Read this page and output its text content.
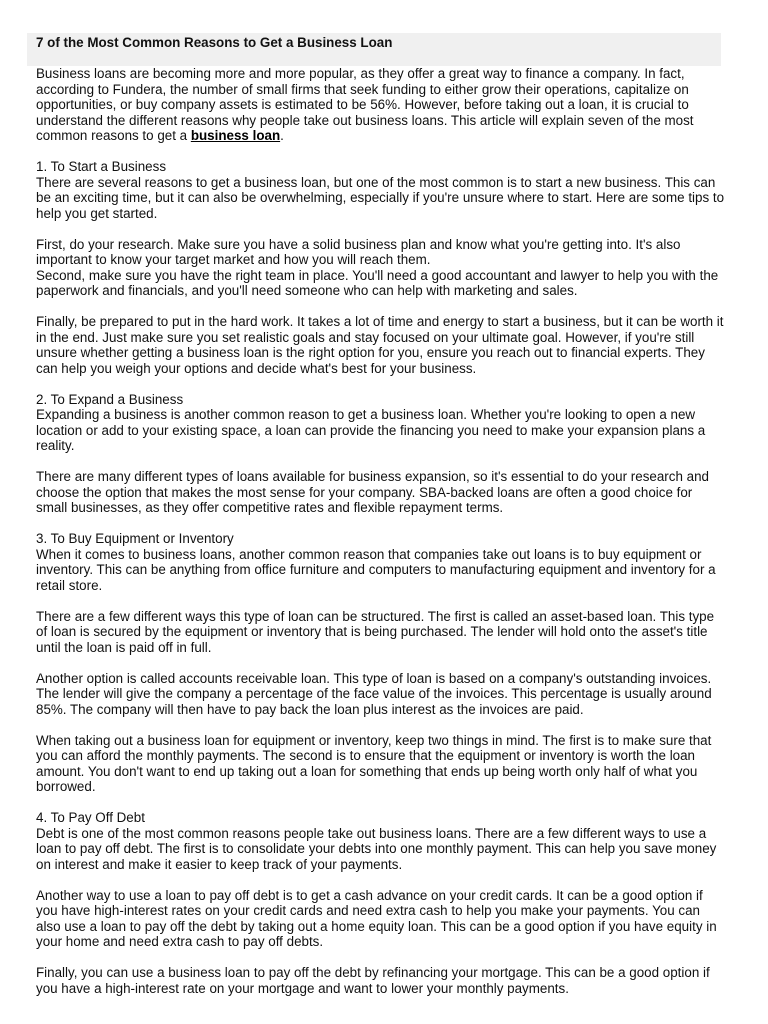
7 of the Most Common Reasons to Get a Business Loan

Business loans are becoming more and more popular, as they offer a great way to finance a company. In fact, according to Fundera, the number of small firms that seek funding to either grow their operations, capitalize on opportunities, or buy company assets is estimated to be 56%. However, before taking out a loan, it is crucial to understand the different reasons why people take out business loans. This article will explain seven of the most common reasons to get a business loan.

1. To Start a Business

There are several reasons to get a business loan, but one of the most common is to start a new business. This can be an exciting time, but it can also be overwhelming, especially if you're unsure where to start. Here are some tips to help you get started.

First, do your research. Make sure you have a solid business plan and know what you're getting into. It's also important to know your target market and how you will reach them.

Second, make sure you have the right team in place. You'll need a good accountant and lawyer to help you with the paperwork and financials, and you'll need someone who can help with marketing and sales.

Finally, be prepared to put in the hard work. It takes a lot of time and energy to start a business, but it can be worth it in the end. Just make sure you set realistic goals and stay focused on your ultimate goal. However, if you're still unsure whether getting a business loan is the right option for you, ensure you reach out to financial experts. They can help you weigh your options and decide what's best for your business.

2. To Expand a Business

Expanding a business is another common reason to get a business loan. Whether you're looking to open a new location or add to your existing space, a loan can provide the financing you need to make your expansion plans a reality.

There are many different types of loans available for business expansion, so it's essential to do your research and choose the option that makes the most sense for your company. SBA-backed loans are often a good choice for small businesses, as they offer competitive rates and flexible repayment terms.

3. To Buy Equipment or Inventory

When it comes to business loans, another common reason that companies take out loans is to buy equipment or inventory. This can be anything from office furniture and computers to manufacturing equipment and inventory for a retail store.

There are a few different ways this type of loan can be structured. The first is called an asset-based loan. This type of loan is secured by the equipment or inventory that is being purchased. The lender will hold onto the asset's title until the loan is paid off in full.

Another option is called accounts receivable loan. This type of loan is based on a company's outstanding invoices. The lender will give the company a percentage of the face value of the invoices. This percentage is usually around 85%. The company will then have to pay back the loan plus interest as the invoices are paid.

When taking out a business loan for equipment or inventory, keep two things in mind. The first is to make sure that you can afford the monthly payments. The second is to ensure that the equipment or inventory is worth the loan amount. You don't want to end up taking out a loan for something that ends up being worth only half of what you borrowed.

4. To Pay Off Debt

Debt is one of the most common reasons people take out business loans. There are a few different ways to use a loan to pay off debt. The first is to consolidate your debts into one monthly payment. This can help you save money on interest and make it easier to keep track of your payments.

Another way to use a loan to pay off debt is to get a cash advance on your credit cards. It can be a good option if you have high-interest rates on your credit cards and need extra cash to help you make your payments. You can also use a loan to pay off the debt by taking out a home equity loan. This can be a good option if you have equity in your home and need extra cash to pay off debts.

Finally, you can use a business loan to pay off the debt by refinancing your mortgage. This can be a good option if you have a high-interest rate on your mortgage and want to lower your monthly payments.
